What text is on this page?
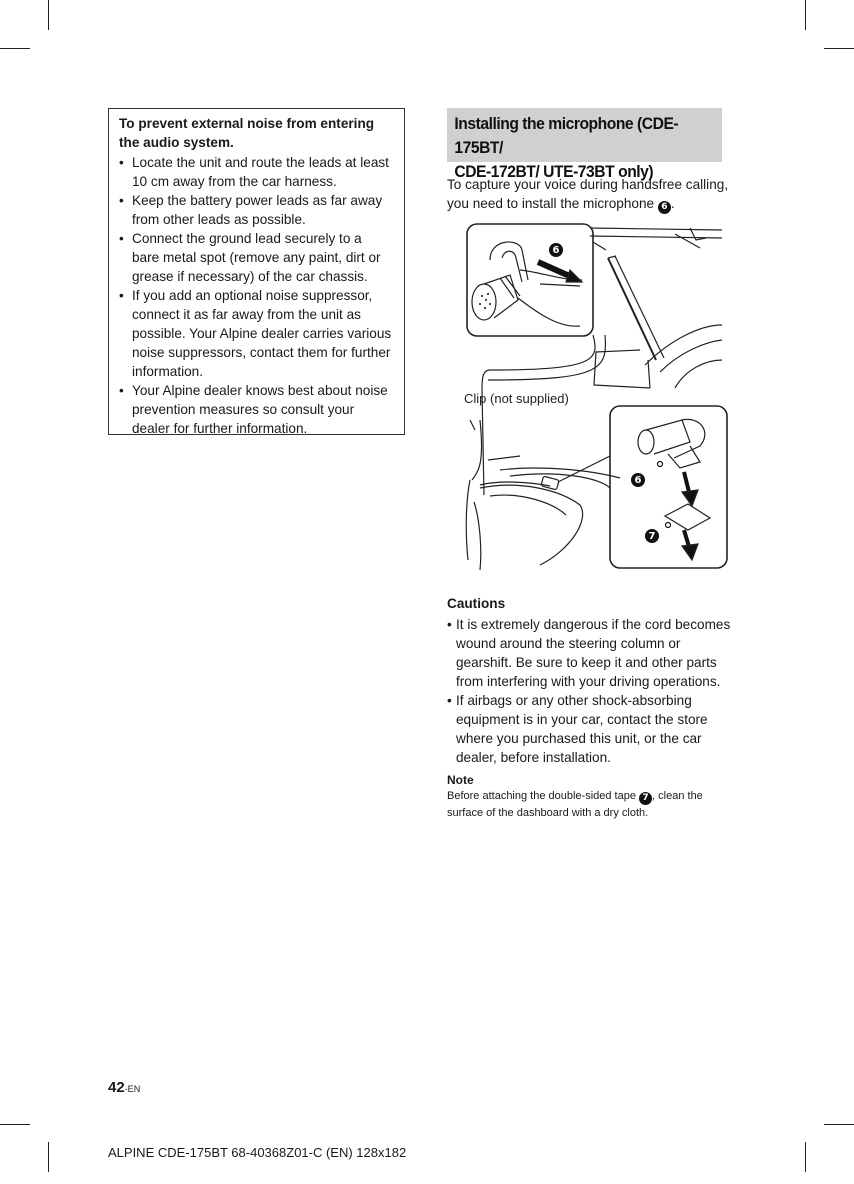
To prevent external noise from entering the audio system.
• Locate the unit and route the leads at least 10 cm away from the car harness.
• Keep the battery power leads as far away from other leads as possible.
• Connect the ground lead securely to a bare metal spot (remove any paint, dirt or grease if necessary) of the car chassis.
• If you add an optional noise suppressor, connect it as far away from the unit as possible. Your Alpine dealer carries various noise suppressors, contact them for further information.
• Your Alpine dealer knows best about noise prevention measures so consult your dealer for further information.
Installing the microphone (CDE-175BT/
CDE-172BT/ UTE-73BT only)
To capture your voice during handsfree calling, you need to install the microphone 6 .
6
6
7
Clip (not supplied)
Cautions
• It is extremely dangerous if the cord becomes wound around the steering column or gearshift. Be sure to keep it and other parts from interfering with your driving operations.
• If airbags or any other shock-absorbing equipment is in your car, contact the store where you purchased this unit, or the car dealer, before installation.
Note
Before attaching the double-sided tape 7 , clean the surface of the dashboard with a dry cloth.
42-EN
ALPINE CDE-175BT 68-40368Z01-C (EN) 128x182
